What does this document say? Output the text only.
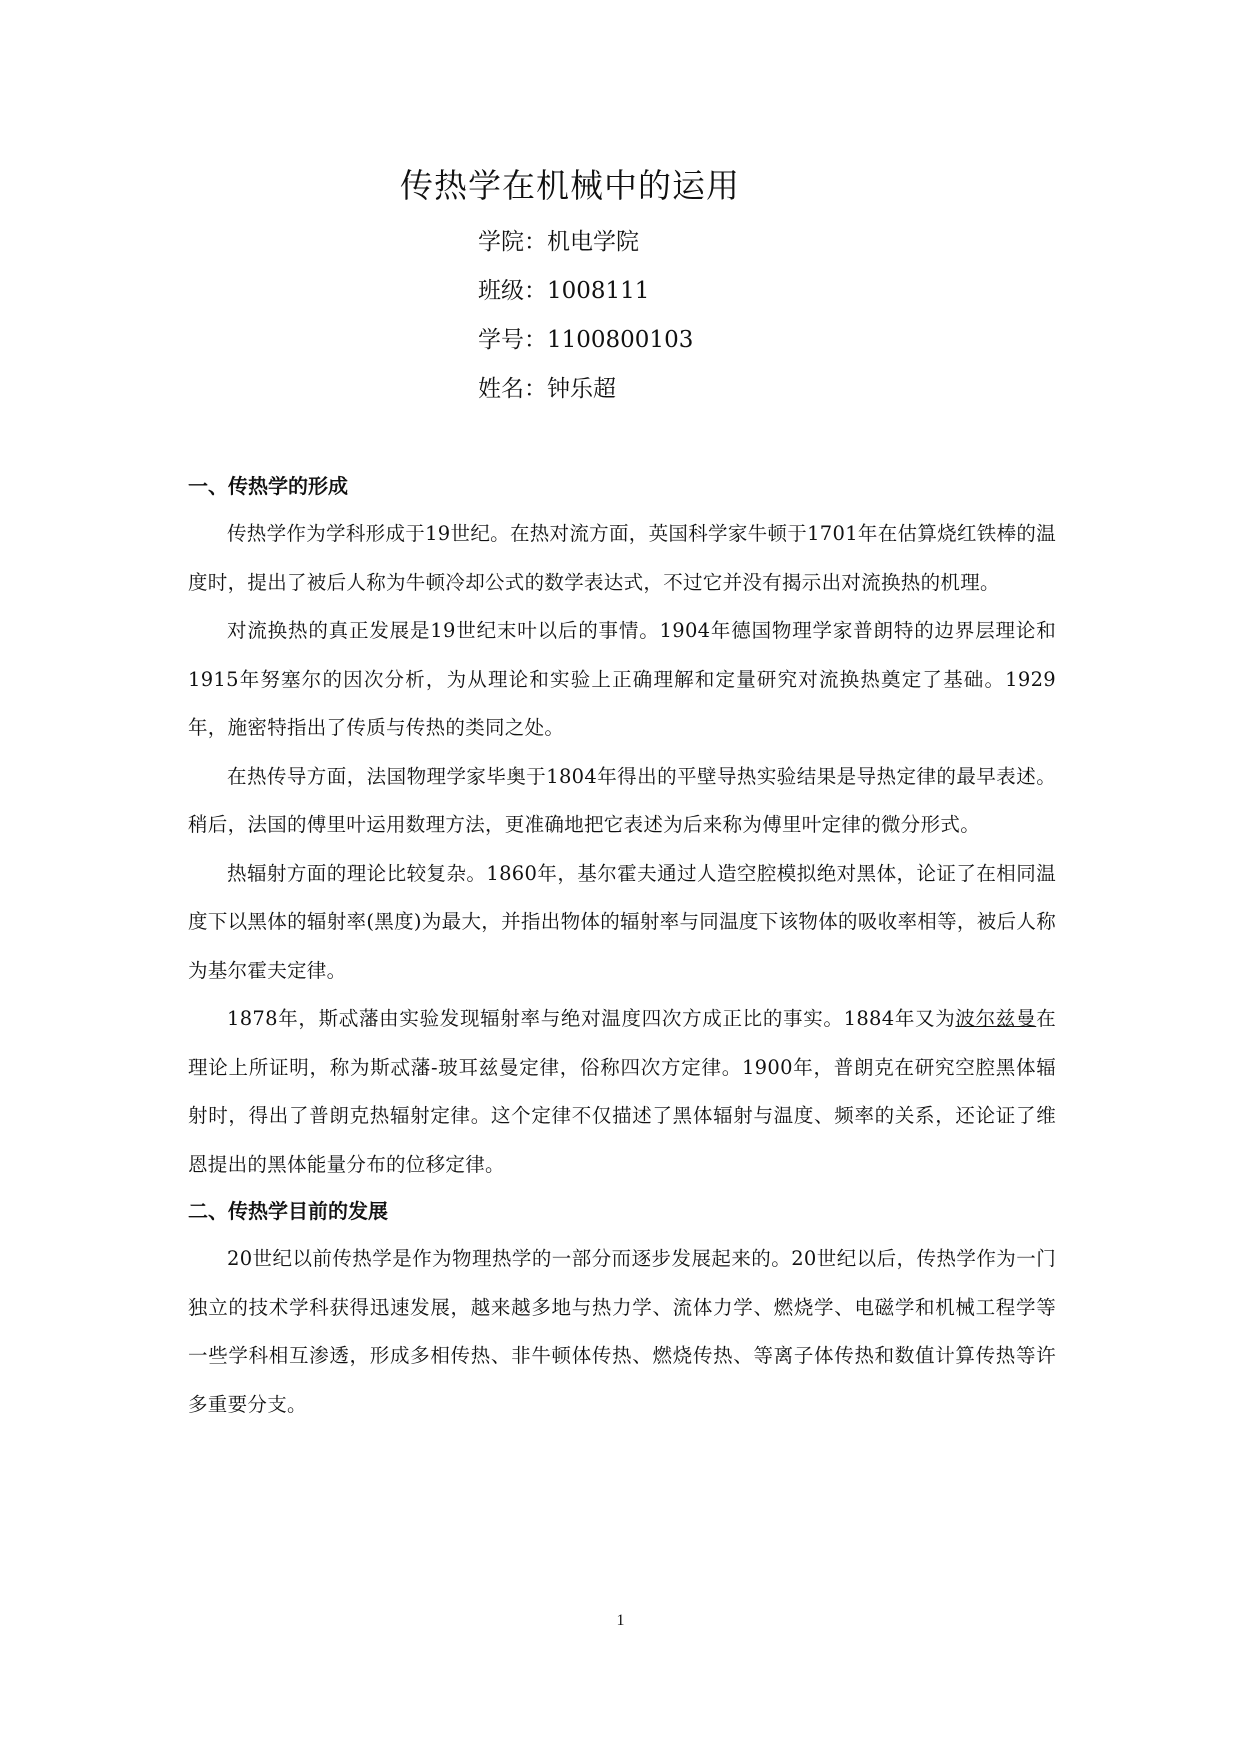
传热学在机械中的运用
学院：机电学院
班级：1008111
学号：1100800103
姓名：钟乐超
一、传热学的形成

传热学作为学科形成于19世纪。在热对流方面，英国科学家牛顿于1701年在估算烧红铁棒的温度时，提出了被后人称为牛顿冷却公式的数学表达式，不过它并没有揭示出对流换热的机理。

对流换热的真正发展是19世纪末叶以后的事情。1904年德国物理学家普朗特的边界层理论和1915年努塞尔的因次分析，为从理论和实验上正确理解和定量研究对流换热奠定了基础。1929年，施密特指出了传质与传热的类同之处。

在热传导方面，法国物理学家毕奥于1804年得出的平壁导热实验结果是导热定律的最早表述。稍后，法国的傅里叶运用数理方法，更准确地把它表述为后来称为傅里叶定律的微分形式。

热辐射方面的理论比较复杂。1860年，基尔霍夫通过人造空腔模拟绝对黑体，论证了在相同温度下以黑体的辐射率(黑度)为最大，并指出物体的辐射率与同温度下该物体的吸收率相等，被后人称为基尔霍夫定律。

1878年，斯忒藩由实验发现辐射率与绝对温度四次方成正比的事实。1884年又为波尔兹曼在理论上所证明，称为斯忒藩-玻耳兹曼定律，俗称四次方定律。1900年，普朗克在研究空腔黑体辐射时，得出了普朗克热辐射定律。这个定律不仅描述了黑体辐射与温度、频率的关系，还论证了维恩提出的黑体能量分布的位移定律。

二、传热学目前的发展

20世纪以前传热学是作为物理热学的一部分而逐步发展起来的。20世纪以后，传热学作为一门独立的技术学科获得迅速发展，越来越多地与热力学、流体力学、燃烧学、电磁学和机械工程学等一些学科相互渗透，形成多相传热、非牛顿体传热、燃烧传热、等离子体传热和数值计算传热等许多重要分支。

1
